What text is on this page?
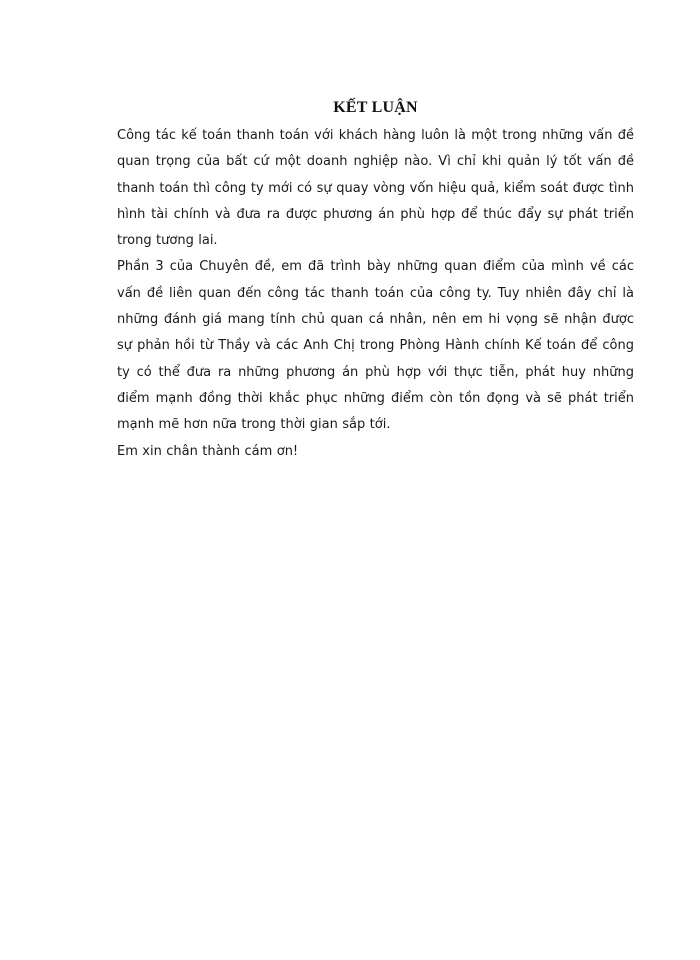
KẾT LUẬN

Công tác kế toán thanh toán với khách hàng luôn là một trong những vấn đề quan trọng của bất cứ một doanh nghiệp nào. Vì chỉ khi quản lý tốt vấn đề thanh toán thì công ty mới có sự quay vòng vốn hiệu quả, kiểm soát được tình hình tài chính và đưa ra được phương án phù hợp để thúc đẩy sự phát triển trong tương lai.

Phần 3 của Chuyên đề, em đã trình bày những quan điểm của mình về các vấn đề liên quan đến công tác thanh toán của công ty. Tuy nhiên đây chỉ là những đánh giá mang tính chủ quan cá nhân, nên em hi vọng sẽ nhận được sự phản hồi từ Thầy và các Anh Chị trong Phòng Hành chính Kế toán để công ty có thể đưa ra những phương án phù hợp với thực tiễn, phát huy những điểm mạnh đồng thời khắc phục những điểm còn tồn đọng và sẽ phát triển mạnh mẽ hơn nữa trong thời gian sắp tới.

Em xin chân thành cám ơn!
